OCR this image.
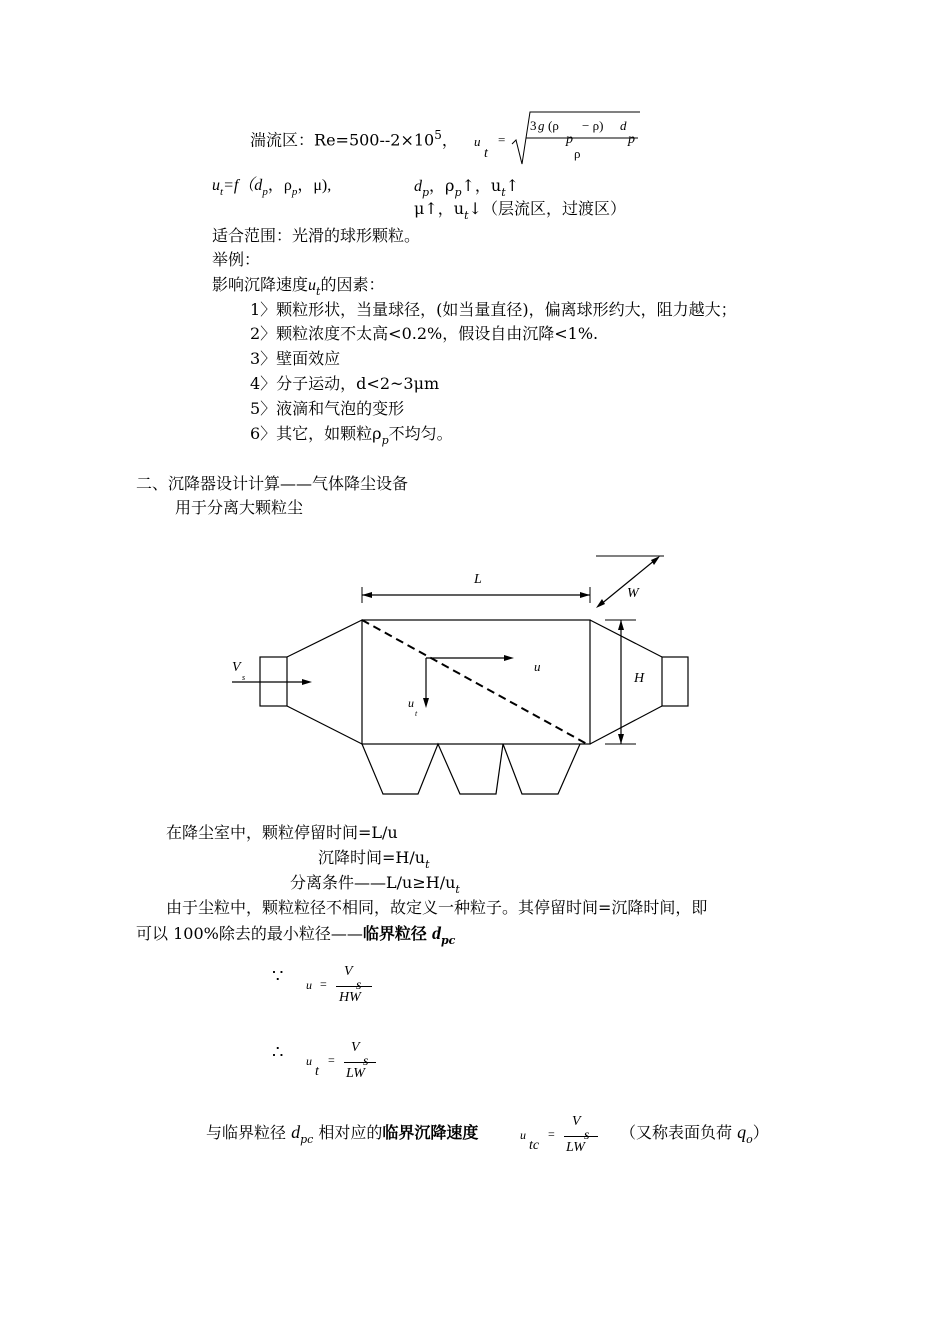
湍流区：$Re=500--2\times 10^5$， u
t
=
3 g (ρ
p
− ρ) d
p
ρ
$u_t=f(d_p$，$\rho_p$，μ),	$d_p$，$\rho_p↑$，$u_t↑$
μ↑，$u_t↓$（层流区，过渡区）
适合范围：光滑的球形颗粒。
举例：
影响沉降速度$u_t$的因素：
1〉颗粒形状，当量球径，(如当量直径)，偏离球形约大，阻力越大；
2〉颗粒浓度不太高<0.2%，假设自由沉降<1%.
3〉壁面效应
4〉分子运动，d<2~3μm
5〉液滴和气泡的变形
6〉其它，如颗粒$\rho_p$不均匀。
二、沉降器设计计算——气体降尘设备
用于分离大颗粒尘
L
W
H
V
s
u
u
t
在降尘室中，颗粒停留时间=L/u
沉降时间$=H/u_t$
分离条件$——L/u\ge H/u_t$
由于尘粒中，颗粒粒径不相同，故定义一种粒子。其停留时间=沉降时间，即
可以 100%除去的最小粒径——临界粒径 $d_{pc}$
∵ u =
V
s
HW
∴ u
t
=
V
s
LW
与临界粒径 $d_{pc}$ 相对应的临界沉降速度	u
tc
=
V
s
LW
（又称表面负荷 $q_o$）
